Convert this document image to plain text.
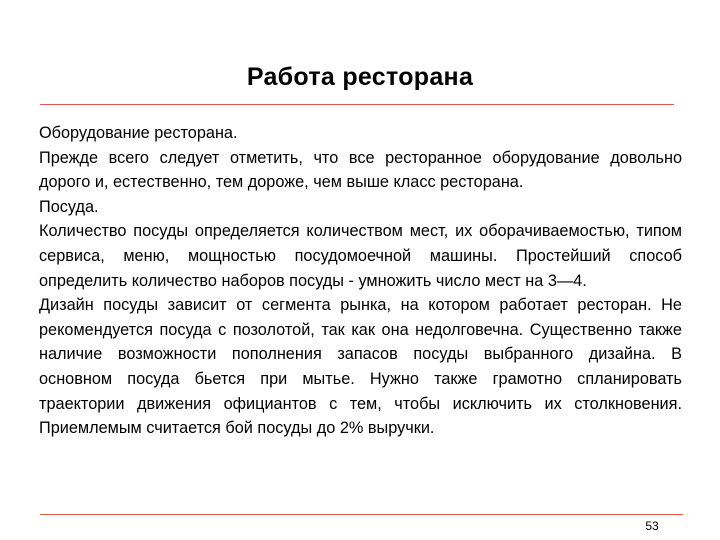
Работа ресторана

Оборудование ресторана.

Прежде всего следует отметить, что все ресторанное оборудование довольно дорого и, естественно, тем дороже, чем выше класс ресторана.

Посуда.

Количество посуды определяется количеством мест, их оборачиваемостью, типом сервиса, меню, мощностью посудомоечной машины. Простейший способ определить количество наборов посуды - умножить число мест на 3—4.

Дизайн посуды зависит от сегмента рынка, на котором работает ресторан. Не рекомендуется посуда с позолотой, так как она недолговечна. Существенно также наличие возможности пополнения запасов посуды выбранного дизайна. В основном посуда бьется при мытье. Нужно также грамотно спланировать траектории движения официантов с тем, чтобы исключить их столкновения. Приемлемым считается бой посуды до 2% выручки.

53
